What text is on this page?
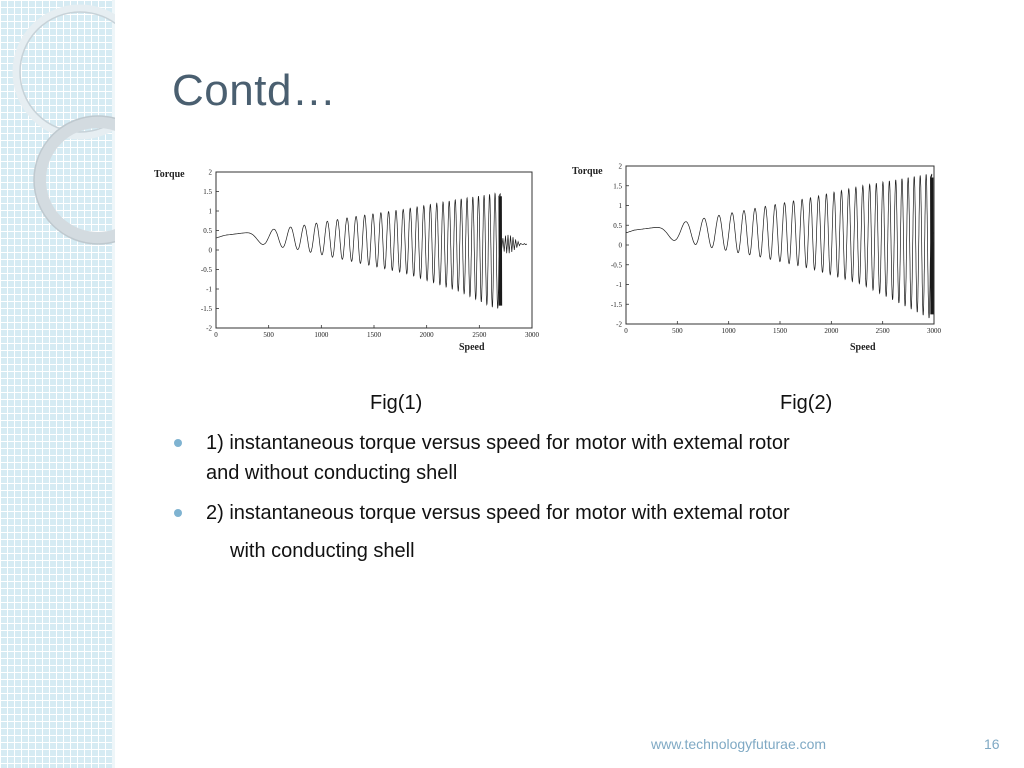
Contd…
2
1.5
1
0.5
0
-0.5
-1
-1.5
-2
0	500	1000	1500	2000	2500	3000
Torque
Speed
2
1.5
1
0.5
0
-0.5
-1
-1.5
-2
0	500	1000	1500	2000	2500	3000
Torque
Speed
Fig(1)	Fig(2)
1) instantaneous torque versus speed for motor with extemal rotor
and without conducting shell
2) instantaneous torque versus speed for motor with extemal rotor
with conducting shell
www.technologyfuturae.com	16
